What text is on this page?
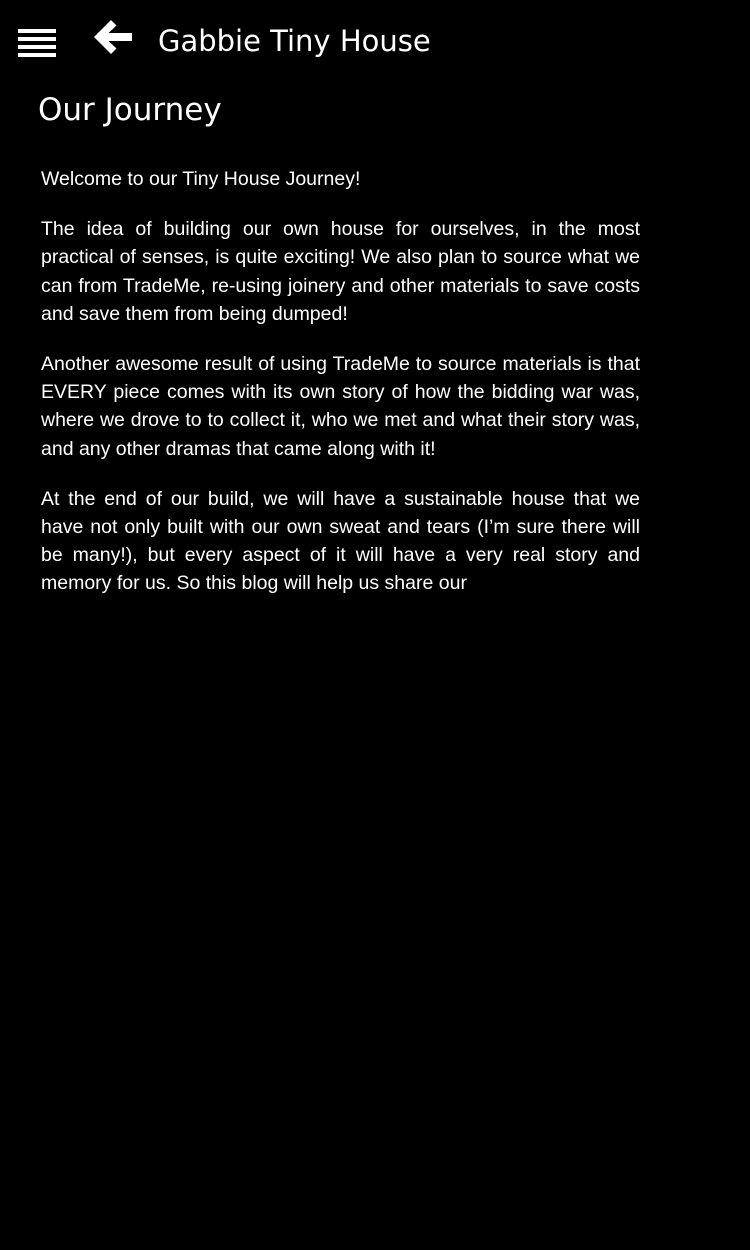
Gabbie Tiny House
Our Journey

Welcome to our Tiny House Journey!

The idea of building our own house for ourselves, in the most practical of senses, is quite exciting! We also plan to source what we can from TradeMe, re-using joinery and other materials to save costs and save them from being dumped!

Another awesome result of using TradeMe to source materials is that EVERY piece comes with its own story of how the bidding war was, where we drove to to collect it, who we met and what their story was, and any other dramas that came along with it!

At the end of our build, we will have a sustainable house that we have not only built with our own sweat and tears (I’m sure there will be many!), but every aspect of it will have a very real story and memory for us. So this blog will help us share our
